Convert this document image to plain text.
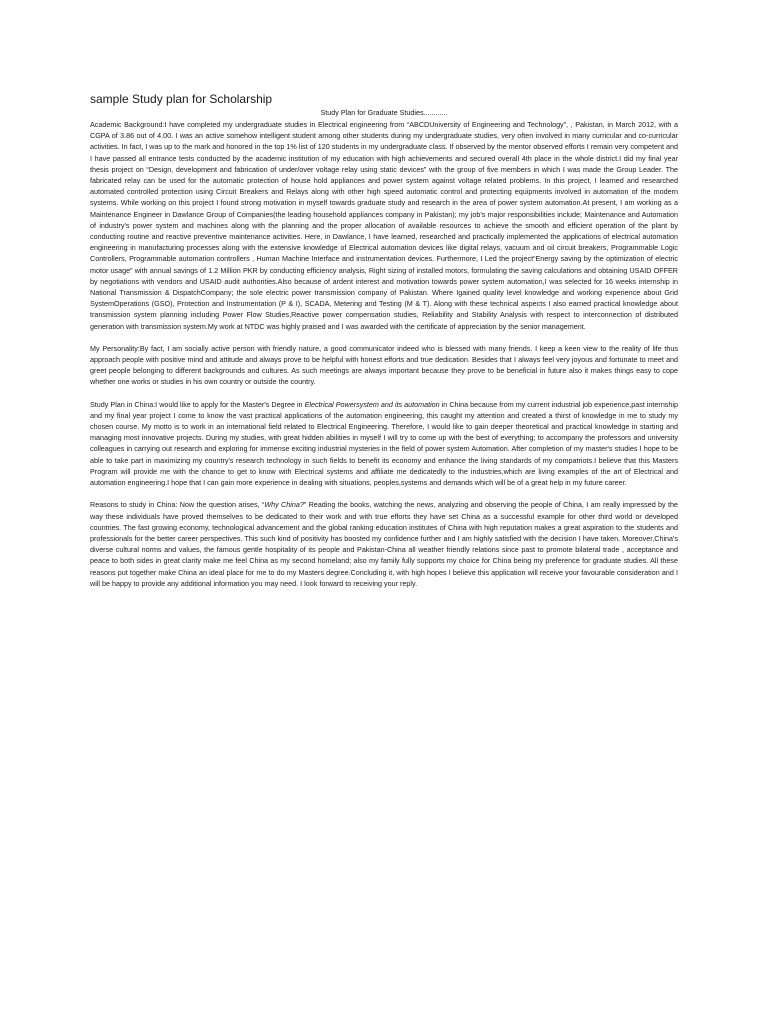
sample Study plan for Scholarship
Study Plan for Graduate Studies............

Academic Background:I have completed my undergraduate studies in Electrical engineering from “ABCDUniversity of Engineering and Technology”, , Pakistan, in March 2012, with a CGPA of 3.86 out of 4.00. I was an active somehow intelligent student among other students during my undergraduate studies, very often involved in many curricular and co-curricular activities. In fact, I was up to the mark and honored in the top 1% list of 120 students in my undergraduate class. If observed by the mentor observed efforts I remain very competent and I have passed all entrance tests conducted by the academic institution of my education with high achievements and secured overall 4th place in the whole district.I did my final year thesis project on “Design, development and fabrication of under/over voltage relay using static devices” with the group of five members in which I was made the Group Leader. The fabricated relay can be used for the automatic protection of house hold appliances and power system against voltage related problems. In this project, I learned and researched automated controlled protection using Circuit Breakers and Relays along with other high speed automatic control and protecting equipments involved in automation of the modern systems. While working on this project I found strong motivation in myself towards graduate study and research in the area of power system automation.At present, I am working as a Maintenance Engineer in Dawlance Group of Companies(the leading household appliances company in Pakistan); my job's major responsibilities include; Maintenance and Automation of industry's power system and machines along with the planning and the proper allocation of available resources to achieve the smooth and efficient operation of the plant by conducting routine and reactive preventive maintenance activities. Here, in Dawlance, I have learned, researched and practically implemented the applications of electrical automation engineering in manufacturing processes along with the extensive knowledge of Electrical automation devices like digital relays, vacuum and oil circuit breakers, Programmable Logic Controllers, Programmable automation controllers , Human Machine Interface and instrumentation devices. Furthermore, I Led the project“Energy saving by the optimization of electric motor usage” with annual savings of 1.2 Million PKR by conducting efficiency analysis, Right sizing of installed motors, formulating the saving calculations and obtaining USAID OFFER by negotiations with vendors and USAID audit authorities.Also because of ardent interest and motivation towards power system automation,I was selected for 16 weeks internship in National Transmission & DispatchCompany; the sole electric power transmission company of Pakistan. Where Igained quality level knowledge and working experience about Grid SystemOperations (GSO), Protection and Instrumentation (P & I), SCADA, Metering and Testing (M & T). Along with these technical aspects I also earned practical knowledge about transmission system planning including Power Flow Studies,Reactive power compensation studies, Reliability and Stability Analysis with respect to interconnection of distributed generation with transmission system.My work at NTDC was highly praised and I was awarded with the certificate of appreciation by the senior management.

My Personality:By fact, I am socially active person with friendly nature, a good communicator indeed who is blessed with many friends. I keep a keen view to the reality of life thus approach people with positive mind and attitude and always prove to be helpful with honest efforts and true dedication. Besides that I always feel very joyous and fortunate to meet and greet people belonging to different backgrounds and cultures. As such meetings are always important because they prove to be beneficial in future also it makes things easy to cope whether one works or studies in his own country or outside the country.

Study Plan in China:I would like to apply for the Master's Degree in Electrical Powersystem and its automation in China because from my current industrial job experience,past internship and my final year project I come to know the vast practical applications of the automation engineering, this caught my attention and created a thirst of knowledge in me to study my chosen course. My motto is to work in an international field related to Electrical Engineering. Therefore, I would like to gain deeper theoretical and practical knowledge in starting and managing most innovative projects. During my studies, with great hidden abilities in myself I will try to come up with the best of everything; to accompany the professors and university colleagues in carrying out research and exploring for immense exciting industrial mysteries in the field of power system Automation. After completion of my master's studies I hope to be able to take part in maximizing my country's research technology in such fields to benefit its economy and enhance the living standards of my compatriots.I believe that this Masters Program will provide me with the chance to get to know with Electrical systems and affiliate me dedicatedly to the industries,which are living examples of the art of Electrical and automation engineering.I hope that I can gain more experience in dealing with situations, peoples,systems and demands which will be of a great help in my future career.

Reasons to study in China: Now the question arises, “Why China?” Reading the books, watching the news, analyzing and observing the people of China, I am really impressed by the way these individuals have proved themselves to be dedicated to their work and with true efforts they have set China as a successful example for other third world or developed countries. The fast growing economy, technological advancement and the global ranking education institutes of China with high reputation makes a great aspiration to the students and professionals for the better career perspectives. This such kind of positivity has boosted my confidence further and I am highly satisfied with the decision I have taken. Moreover,China's diverse cultural norms and values, the famous gentle hospitality of its people and Pakistan-China all weather friendly relations since past to promote bilateral trade , acceptance and peace to both sides in great clarity make me feel China as my second homeland; also my family fully supports my choice for China being my preference for graduate studies. All these reasons put together make China an ideal place for me to do my Masters degree.Concluding it, with high hopes I believe this application will receive your favourable consideration and I will be happy to provide any additional information you may need. I look forward to receiving your reply.
